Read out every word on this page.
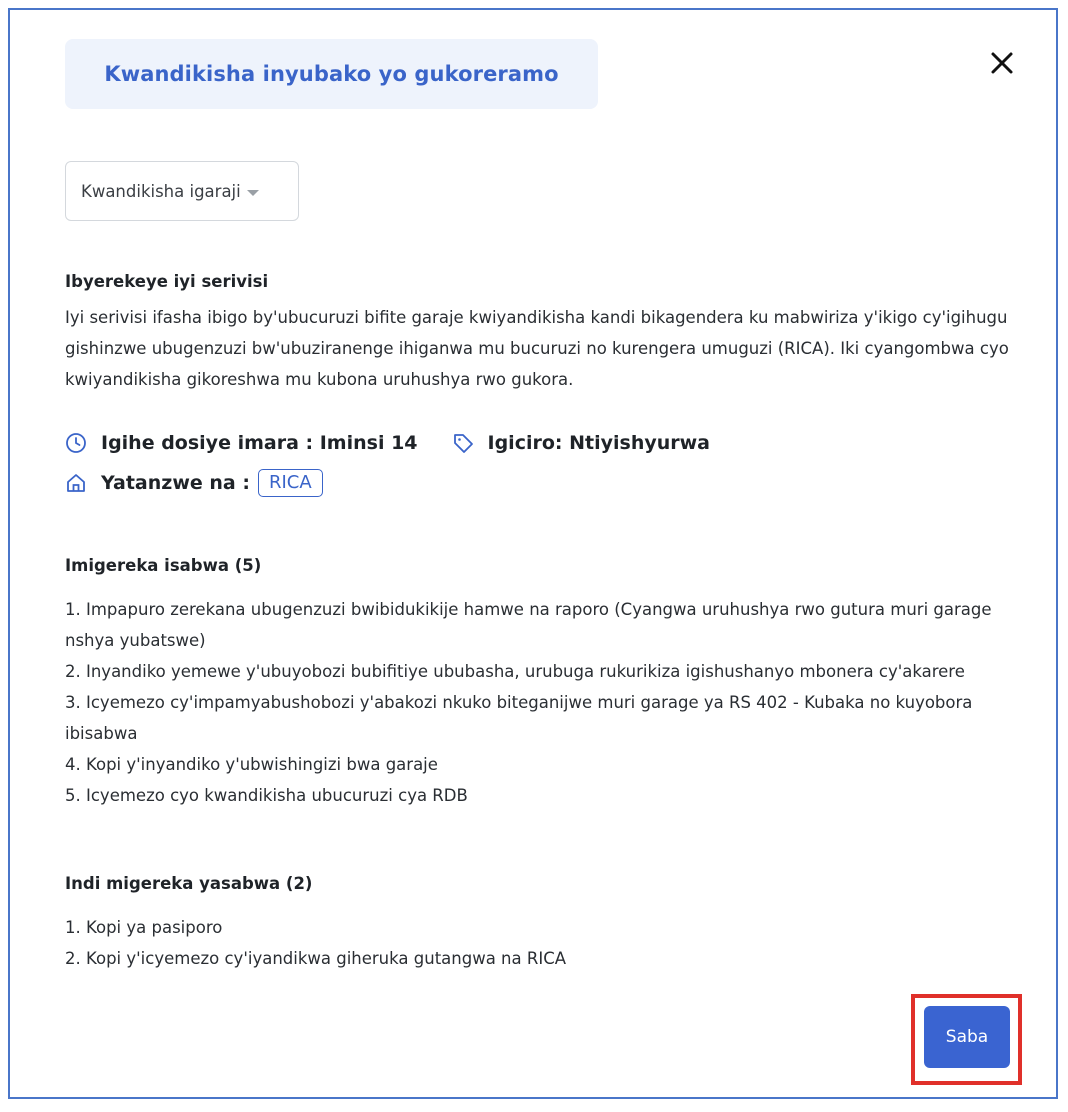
Kwandikisha inyubako yo gukoreramo
Kwandikisha igaraji
Ibyerekeye iyi serivisi

Iyi serivisi ifasha ibigo by'ubucuruzi bifite garaje kwiyandikisha kandi bikagendera ku mabwiriza y'ikigo cy'igihugu gishinzwe ubugenzuzi bw'ubuziranenge ihiganwa mu bucuruzi no kurengera umuguzi (RICA). Iki cyangombwa cyo kwiyandikisha gikoreshwa mu kubona uruhushya rwo gukora.

Igihe dosiye imara : Iminsi 14	Igiciro: Ntiyishyurwa
Yatanzwe na :	RICA
Imigereka isabwa (5)
1. Impapuro zerekana ubugenzuzi bwibidukikije hamwe na raporo (Cyangwa uruhushya rwo gutura muri garage nshya yubatswe)
2. Inyandiko yemewe y'ubuyobozi bubifitiye ububasha, urubuga rukurikiza igishushanyo mbonera cy'akarere
3. Icyemezo cy'impamyabushobozi y'abakozi nkuko biteganijwe muri garage ya RS 402 - Kubaka no kuyobora ibisabwa
4. Kopi y'inyandiko y'ubwishingizi bwa garaje
5. Icyemezo cyo kwandikisha ubucuruzi cya RDB
Indi migereka yasabwa (2)
1. Kopi ya pasiporo
2. Kopi y'icyemezo cy'iyandikwa giheruka gutangwa na RICA
Saba
